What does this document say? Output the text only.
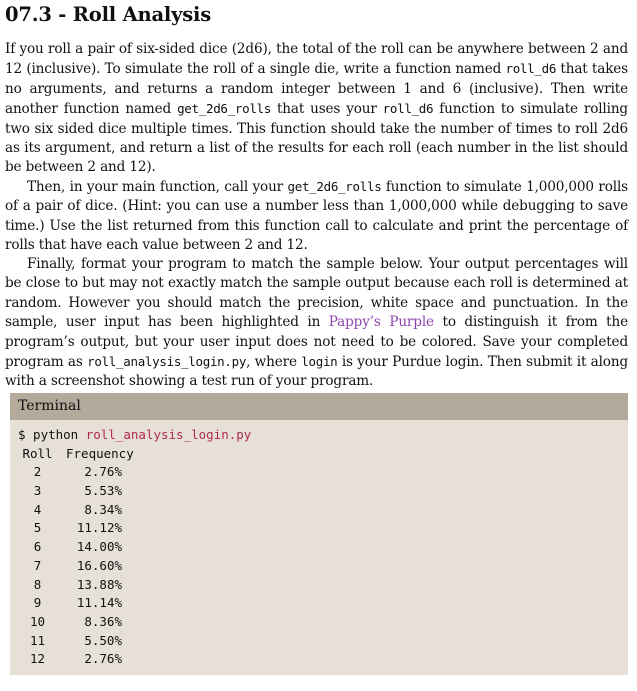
07.3 - Roll Analysis

If you roll a pair of six-sided dice (2d6), the total of the roll can be anywhere between 2 and 12 (inclusive). To simulate the roll of a single die, write a function named roll_d6 that takes no arguments, and returns a random integer between 1 and 6 (inclusive). Then write another function named get_2d6_rolls that uses your roll_d6 function to simulate rolling two six sided dice multiple times. This function should take the number of times to roll 2d6 as its argument, and return a list of the results for each roll (each number in the list should be between 2 and 12).

Then, in your main function, call your get_2d6_rolls function to simulate 1,000,000 rolls of a pair of dice. (Hint: you can use a number less than 1,000,000 while debugging to save time.) Use the list returned from this function call to calculate and print the percentage of rolls that have each value between 2 and 12.

Finally, format your program to match the sample below. Your output percentages will be close to but may not exactly match the sample output because each roll is determined at random. However you should match the precision, white space and punctuation. In the sample, user input has been highlighted in Pappy’s Purple to distinguish it from the program’s output, but your user input does not need to be colored. Save your completed program as roll_analysis_login.py, where login is your Purdue login. Then submit it along with a screenshot showing a test run of your program.

Terminal
$ python roll_analysis_login.py
Roll	Frequency
2	2.76%
3	5.53%
4	8.34%
5	11.12%
6	14.00%
7	16.60%
8	13.88%
9	11.14%
10	8.36%
11	5.50%
12	2.76%
